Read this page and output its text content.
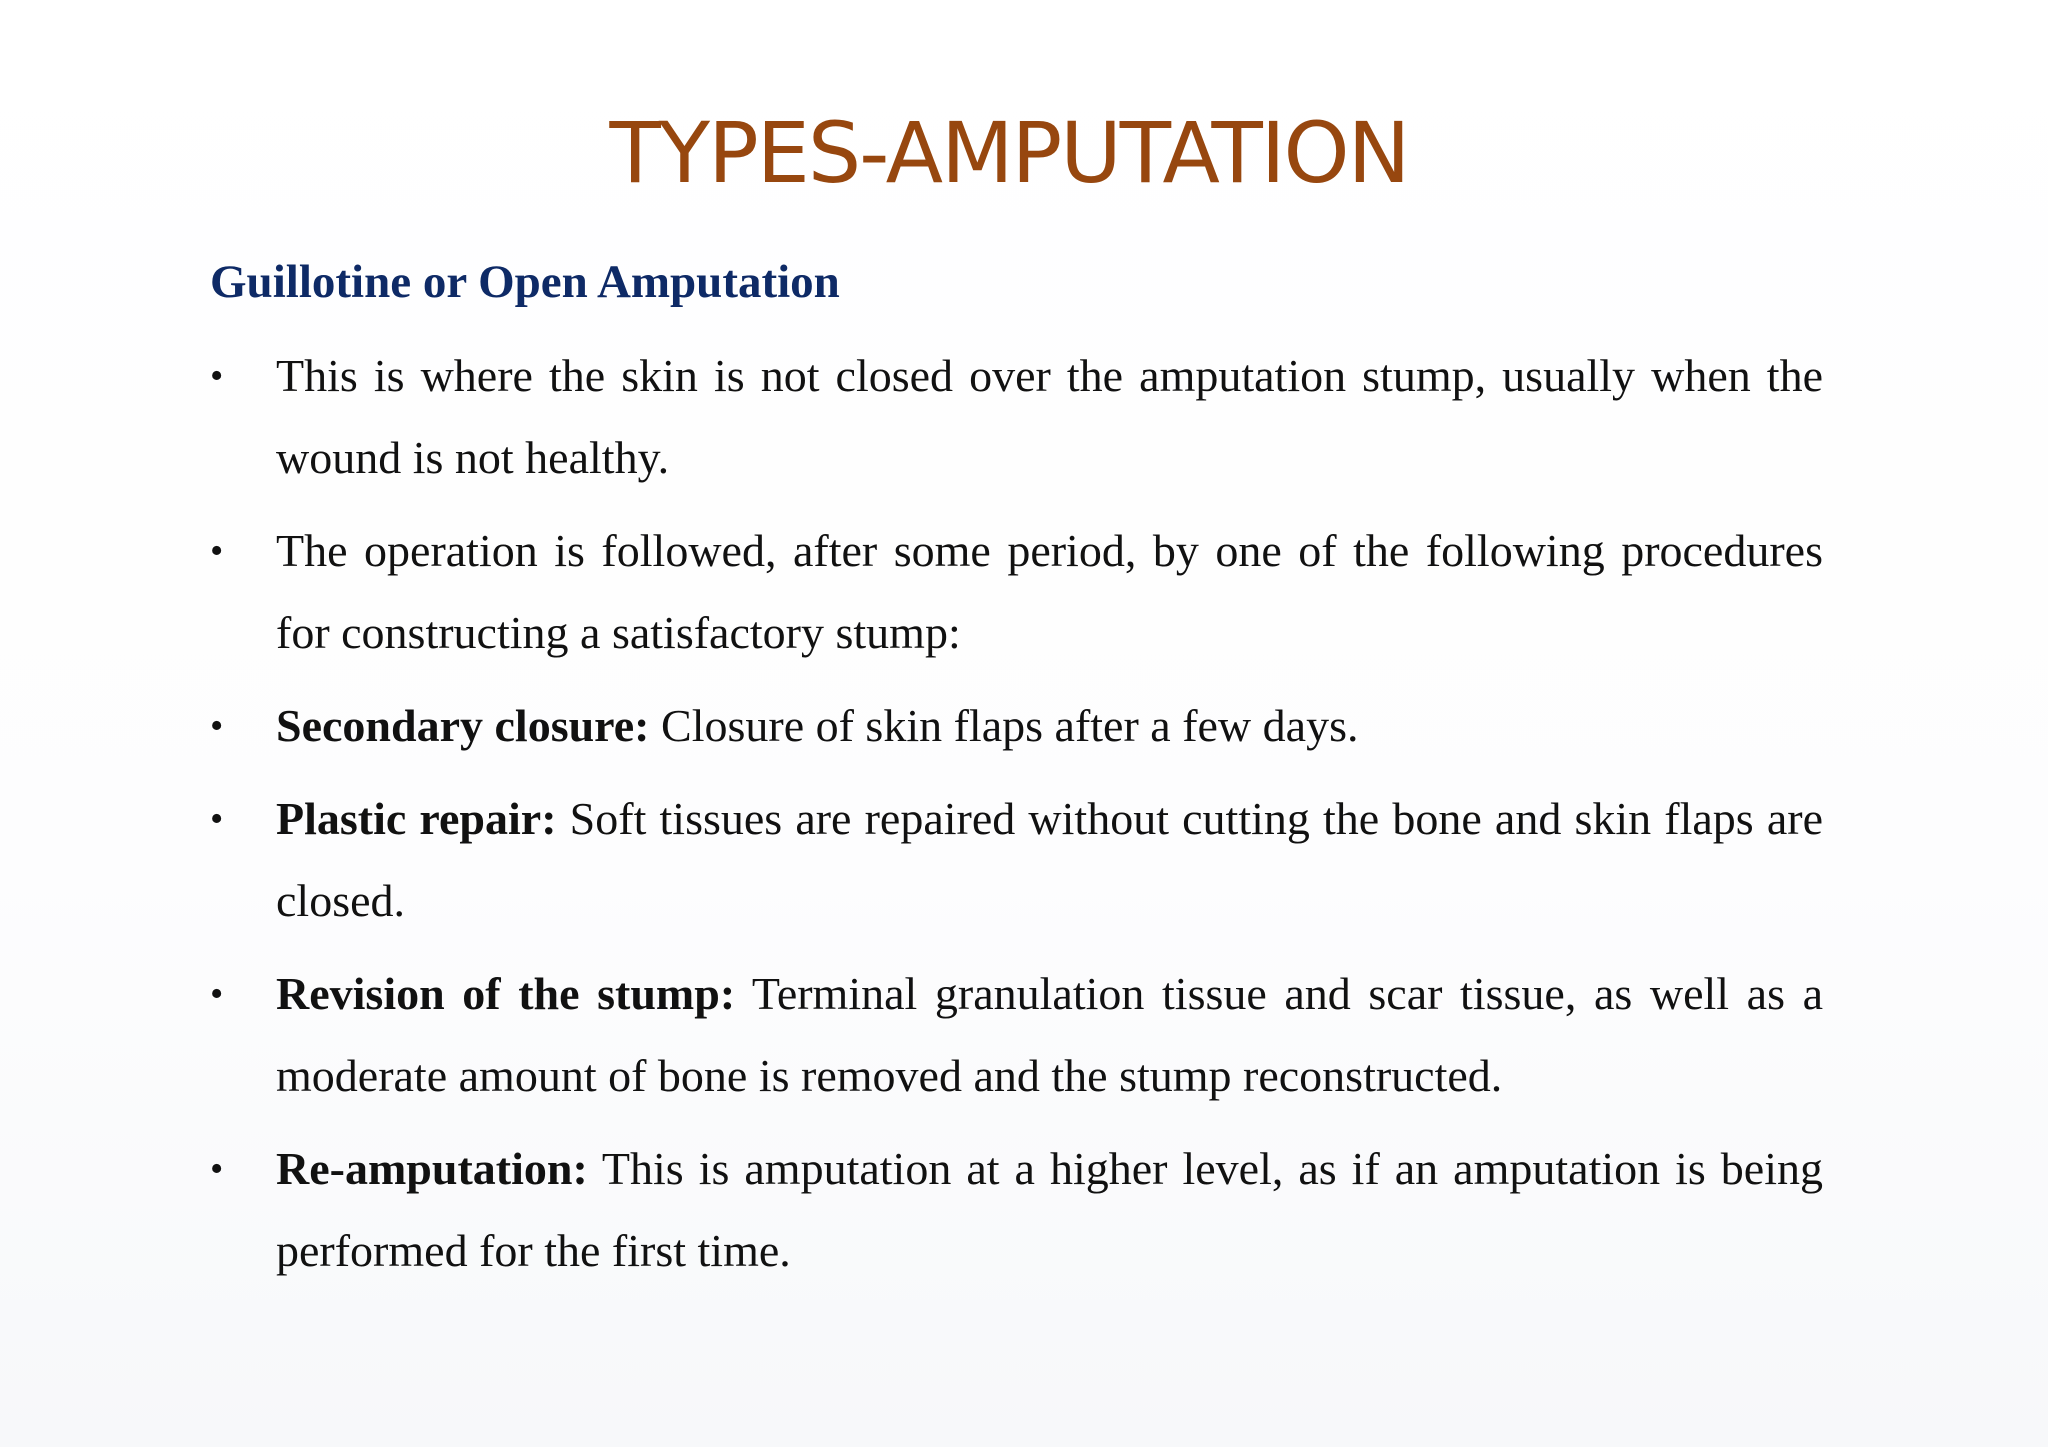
TYPES-AMPUTATION
Guillotine or Open Amputation
•	This is where the skin is not closed over the amputation stump, usually when the wound is not healthy.
•	The operation is followed, after some period, by one of the following procedures for constructing a satisfactory stump:
•	Secondary closure: Closure of skin flaps after a few days.
•	Plastic repair: Soft tissues are repaired without cutting the bone and skin flaps are closed.
•	Revision of the stump: Terminal granulation tissue and scar tissue, as well as a moderate amount of bone is removed and the stump reconstructed.
•	Re-amputation: This is amputation at a higher level, as if an amputation is being performed for the first time.
